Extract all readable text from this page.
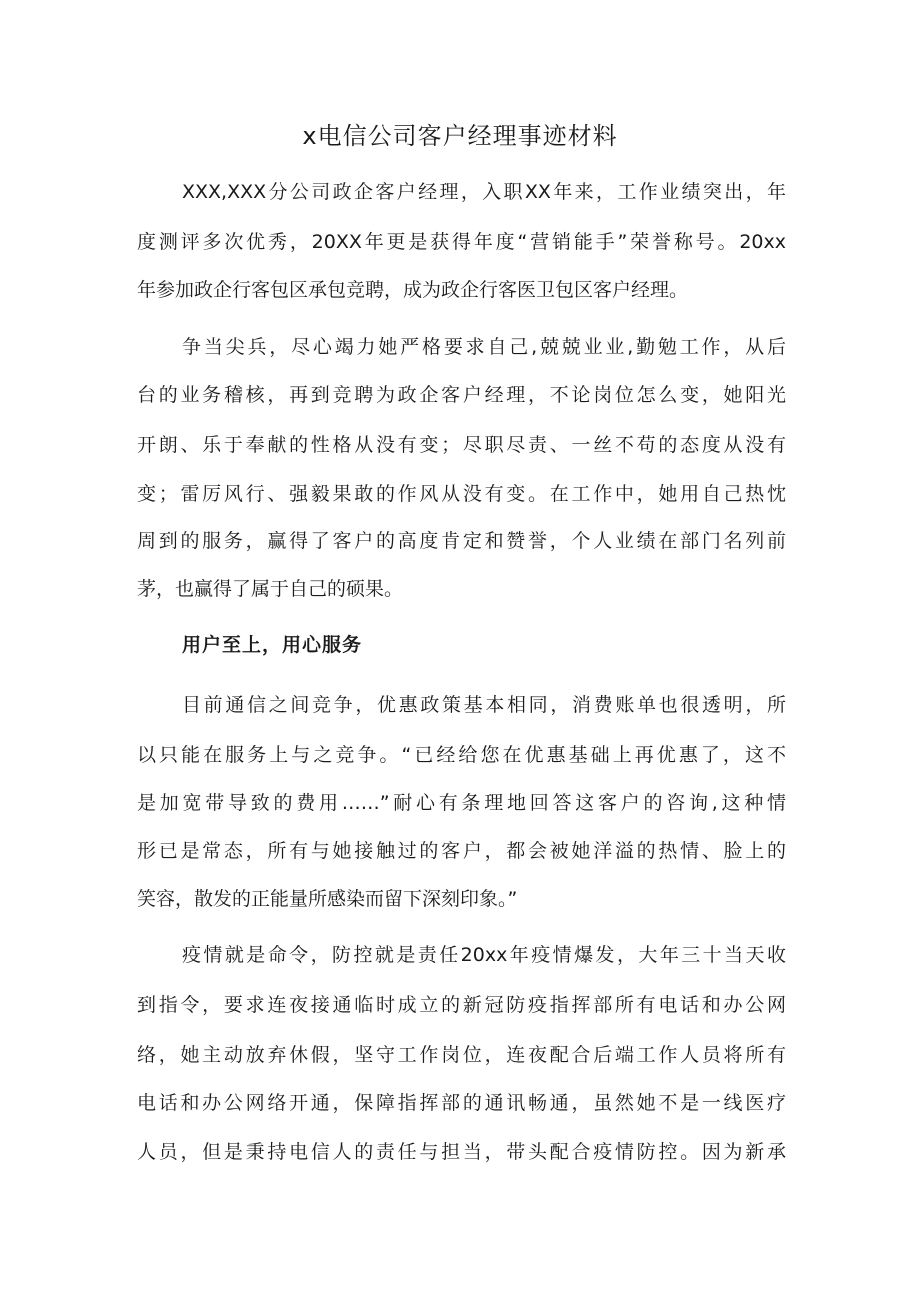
x电信公司客户经理事迹材料
XXX,XXX分公司政企客户经理，入职XX年来，工作业绩突出，年
度测评多次优秀，20XX年更是获得年度“营销能手”荣誉称号。20xx
年参加政企行客包区承包竞聘，成为政企行客医卫包区客户经理。
争当尖兵，尽心竭力她严格要求自己,兢兢业业,勤勉工作，从后
台的业务稽核，再到竞聘为政企客户经理，不论岗位怎么变，她阳光
开朗、乐于奉献的性格从没有变；尽职尽责、一丝不苟的态度从没有
变；雷厉风行、强毅果敢的作风从没有变。在工作中，她用自己热忱
周到的服务，赢得了客户的高度肯定和赞誉，个人业绩在部门名列前
茅，也赢得了属于自己的硕果。
用户至上，用心服务
目前通信之间竞争，优惠政策基本相同，消费账单也很透明，所
以只能在服务上与之竞争。“已经给您在优惠基础上再优惠了，这不
是加宽带导致的费用……”耐心有条理地回答这客户的咨询,这种情
形已是常态，所有与她接触过的客户，都会被她洋溢的热情、脸上的
笑容，散发的正能量所感染而留下深刻印象。”
疫情就是命令，防控就是责任20xx年疫情爆发，大年三十当天收
到指令，要求连夜接通临时成立的新冠防疫指挥部所有电话和办公网
络，她主动放弃休假，坚守工作岗位，连夜配合后端工作人员将所有
电话和办公网络开通，保障指挥部的通讯畅通，虽然她不是一线医疗
人员，但是秉持电信人的责任与担当，带头配合疫情防控。因为新承
